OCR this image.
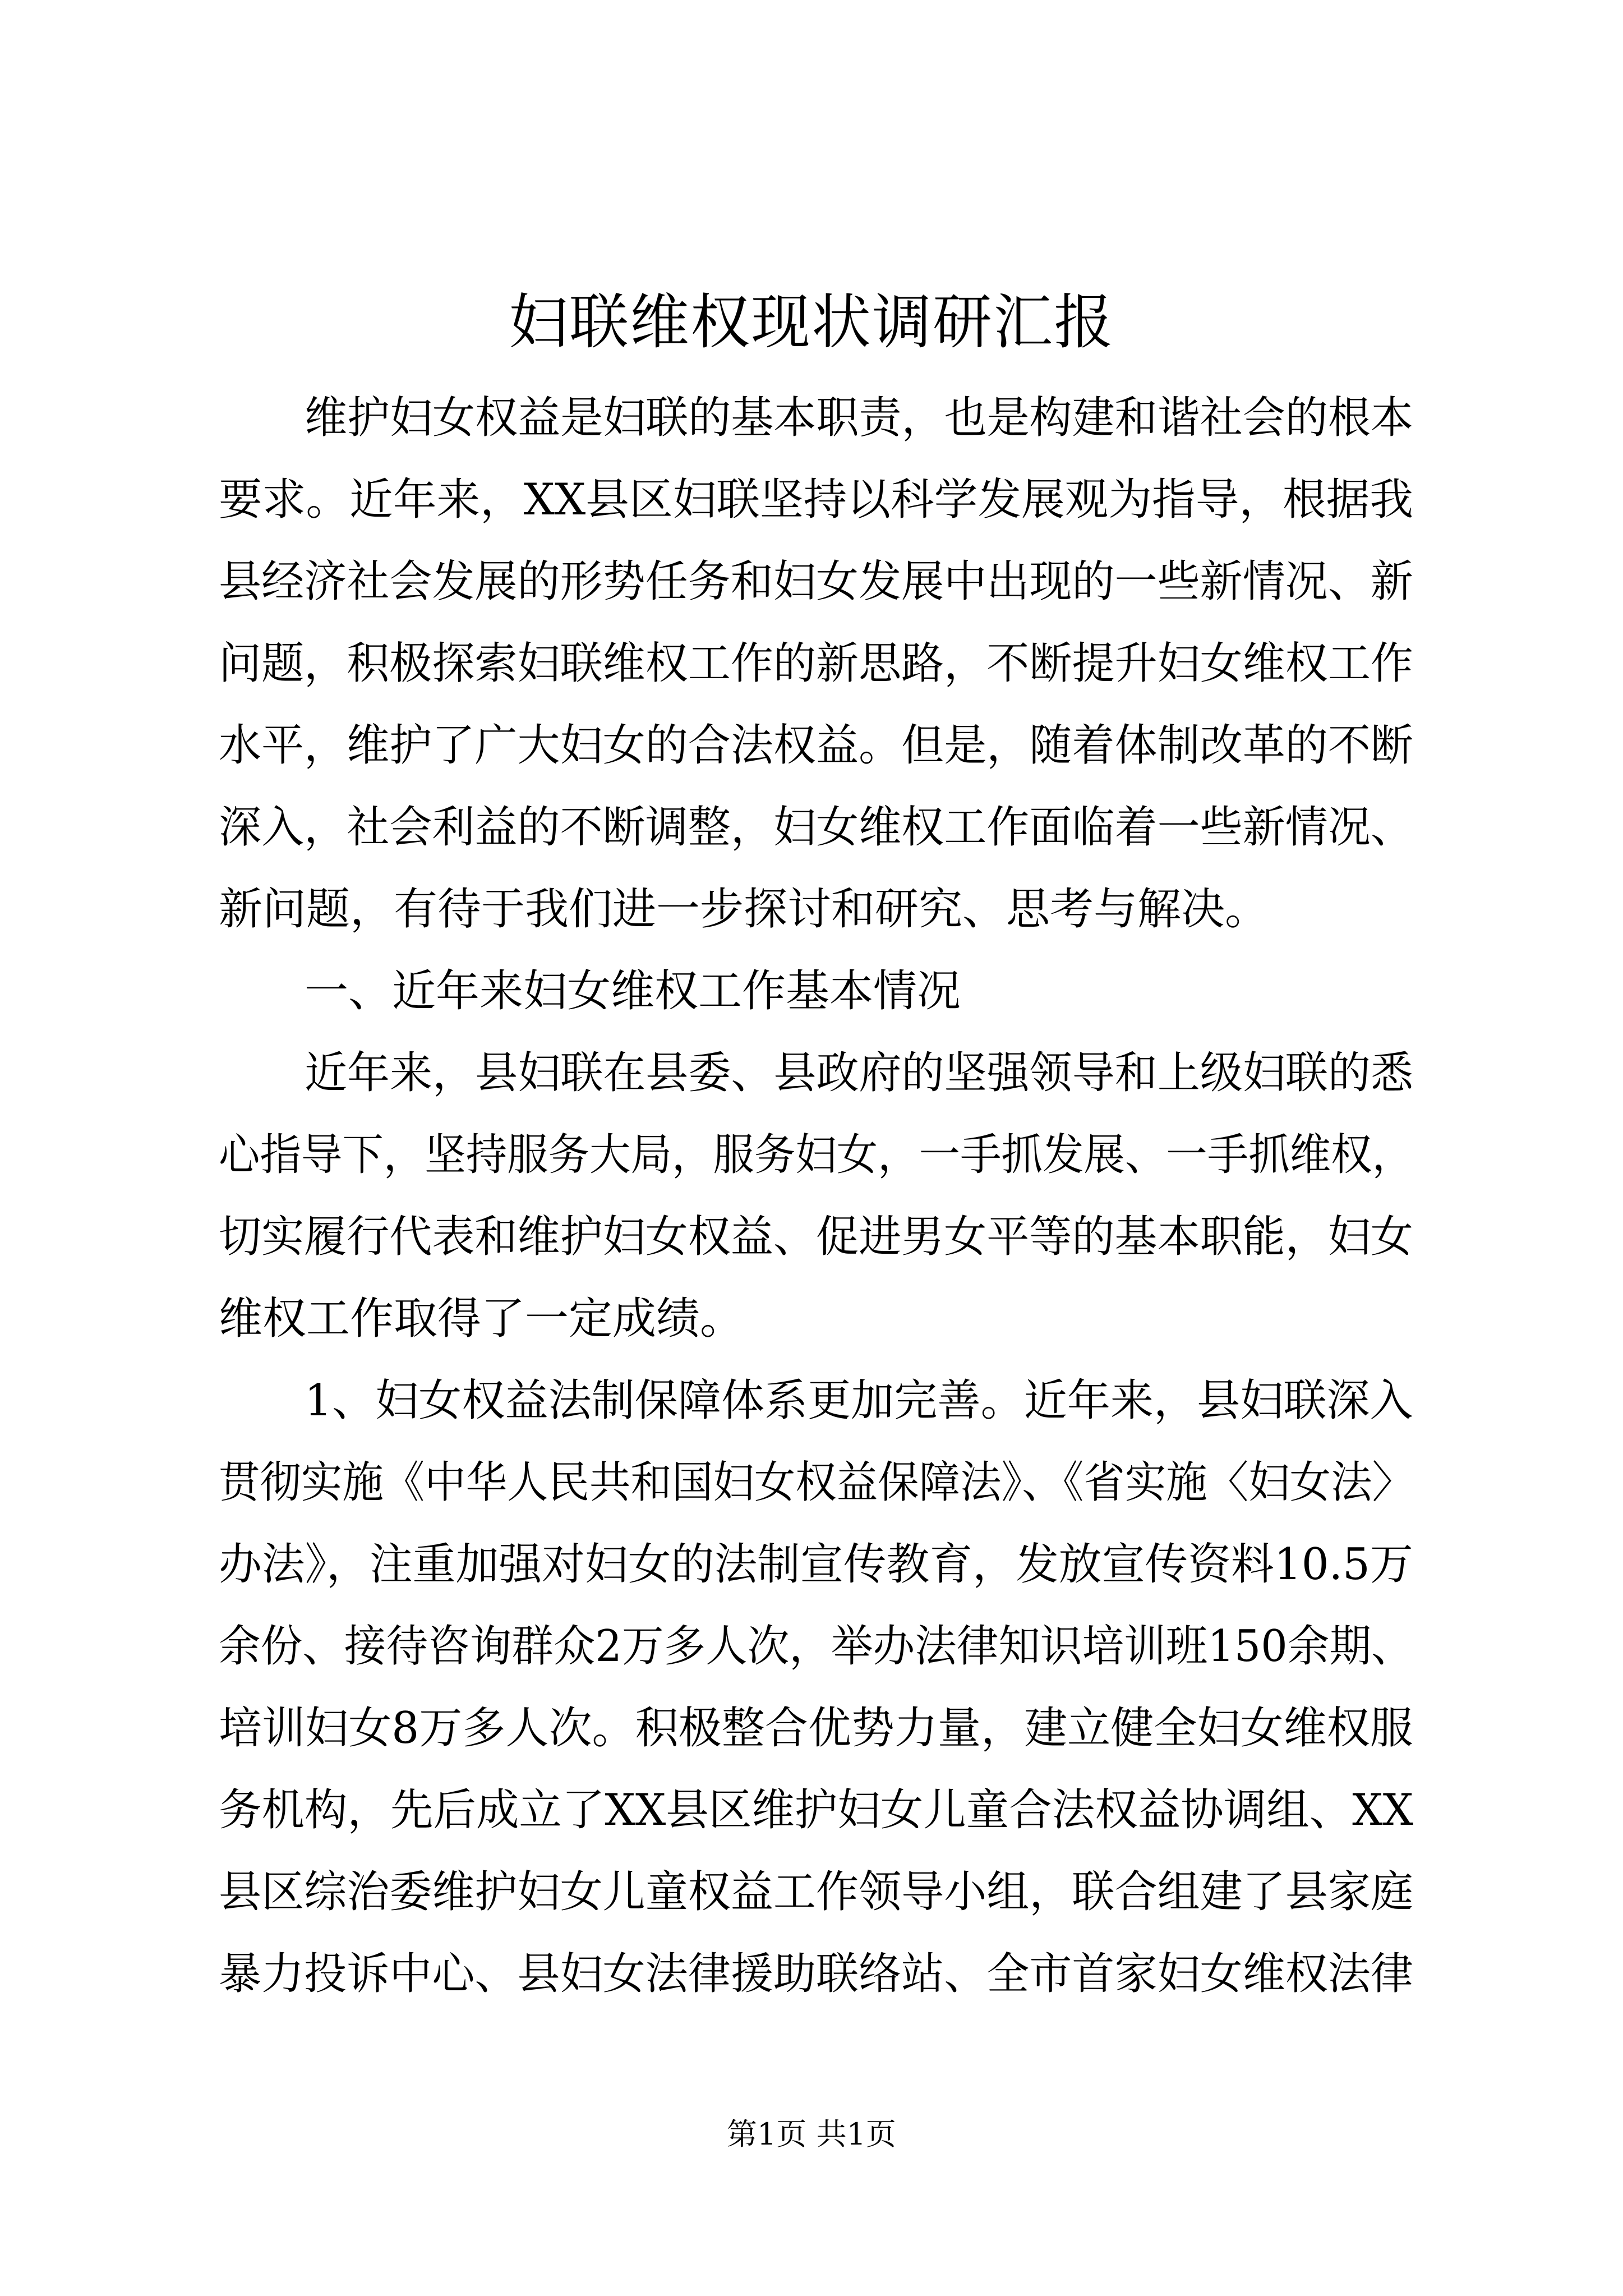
妇联维权现状调研汇报
维护妇女权益是妇联的基本职责，也是构建和谐社会的根本
要求。近年来，XX县区妇联坚持以科学发展观为指导，根据我
县经济社会发展的形势任务和妇女发展中出现的一些新情况、新
问题，积极探索妇联维权工作的新思路，不断提升妇女维权工作
水平，维护了广大妇女的合法权益。但是，随着体制改革的不断
深入，社会利益的不断调整，妇女维权工作面临着一些新情况、
新问题，有待于我们进一步探讨和研究、思考与解决。
一、近年来妇女维权工作基本情况
近年来，县妇联在县委、县政府的坚强领导和上级妇联的悉
心指导下，坚持服务大局，服务妇女，一手抓发展、一手抓维权，
切实履行代表和维护妇女权益、促进男女平等的基本职能，妇女
维权工作取得了一定成绩。
1、妇女权益法制保障体系更加完善。近年来，县妇联深入
贯彻实施《中华人民共和国妇女权益保障法》、《省实施〈妇女法〉
办法》，注重加强对妇女的法制宣传教育，发放宣传资料10.5万
余份、接待咨询群众2万多人次，举办法律知识培训班150余期、
培训妇女8万多人次。积极整合优势力量，建立健全妇女维权服
务机构，先后成立了XX县区维护妇女儿童合法权益协调组、XX
县区综治委维护妇女儿童权益工作领导小组，联合组建了县家庭
暴力投诉中心、县妇女法律援助联络站、全市首家妇女维权法律
第1页 共1页
